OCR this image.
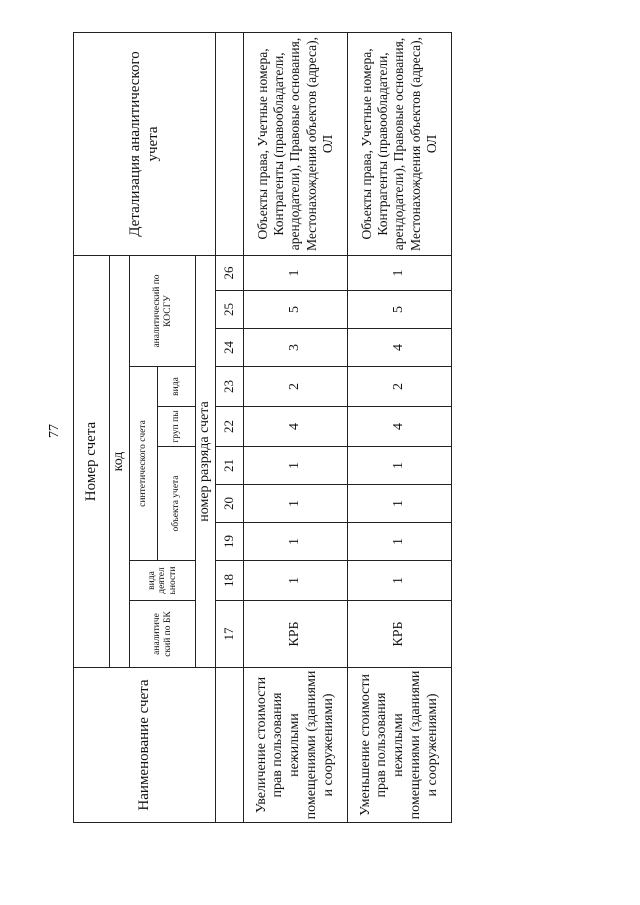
77
Наименование счета	Номер счета										Детализация аналитического учета
	код										
	аналитиче ский по БК	вида деятел ьности	синтетического счета					аналитический по КОСГУ			
			объекта учета			груп пы	вида				
	номер разряда счета										
	17	18	19	20	21	22	23	24	25	26	
Увеличение стоимости прав пользования нежилыми помещениями (зданиями и сооружениями)	КРБ	1	1	1	1	4	2	3	5	1	Объекты права, Учетные номера, Контрагенты (правообладатели, арендодатели), Правовые основания, Местонахождения объектов (адреса), ОЛ
Уменьшение стоимости прав пользования нежилыми помещениями (зданиями и сооружениями)	КРБ	1	1	1	1	4	2	4	5	1	Объекты права, Учетные номера, Контрагенты (правообладатели, арендодатели), Правовые основания, Местонахождения объектов (адреса), ОЛ
